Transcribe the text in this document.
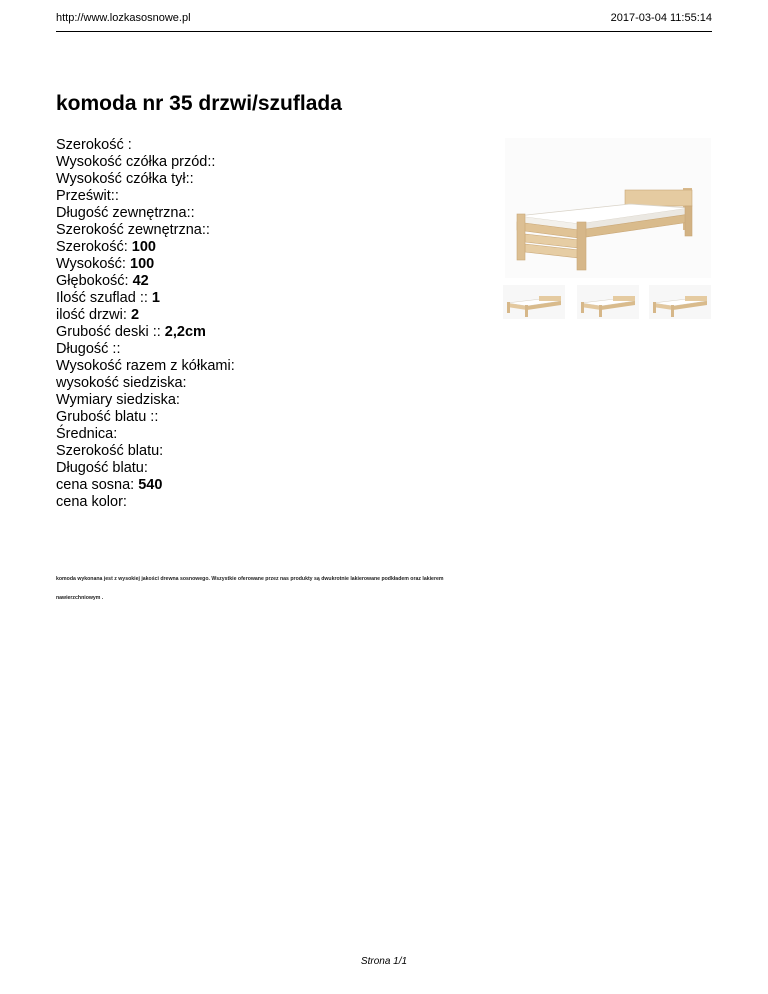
http://www.lozkasosnowe.pl	2017-03-04 11:55:14
komoda nr 35 drzwi/szuflada
Szerokość :
Wysokość czółka przód::
Wysokość czółka tył::
Prześwit::
Długość zewnętrzna::
Szerokość zewnętrzna::
Szerokość: 100
Wysokość: 100
Głębokość: 42
Ilość szuflad :: 1
ilość drzwi: 2
Grubość deski :: 2,2cm
Długość ::
Wysokość razem z kółkami:
wysokość siedziska:
Wymiary siedziska:
Grubość blatu ::
Średnica:
Szerokość blatu:
Długość blatu:
cena sosna: 540
cena kolor:

komoda wykonana jest z wysokiej jakości drewna sosnowego. Wszystkie oferowane przez nas produkty są dwukrotnie lakierowane podkładem oraz lakierem nawierzchniowym .

Strona 1/1
